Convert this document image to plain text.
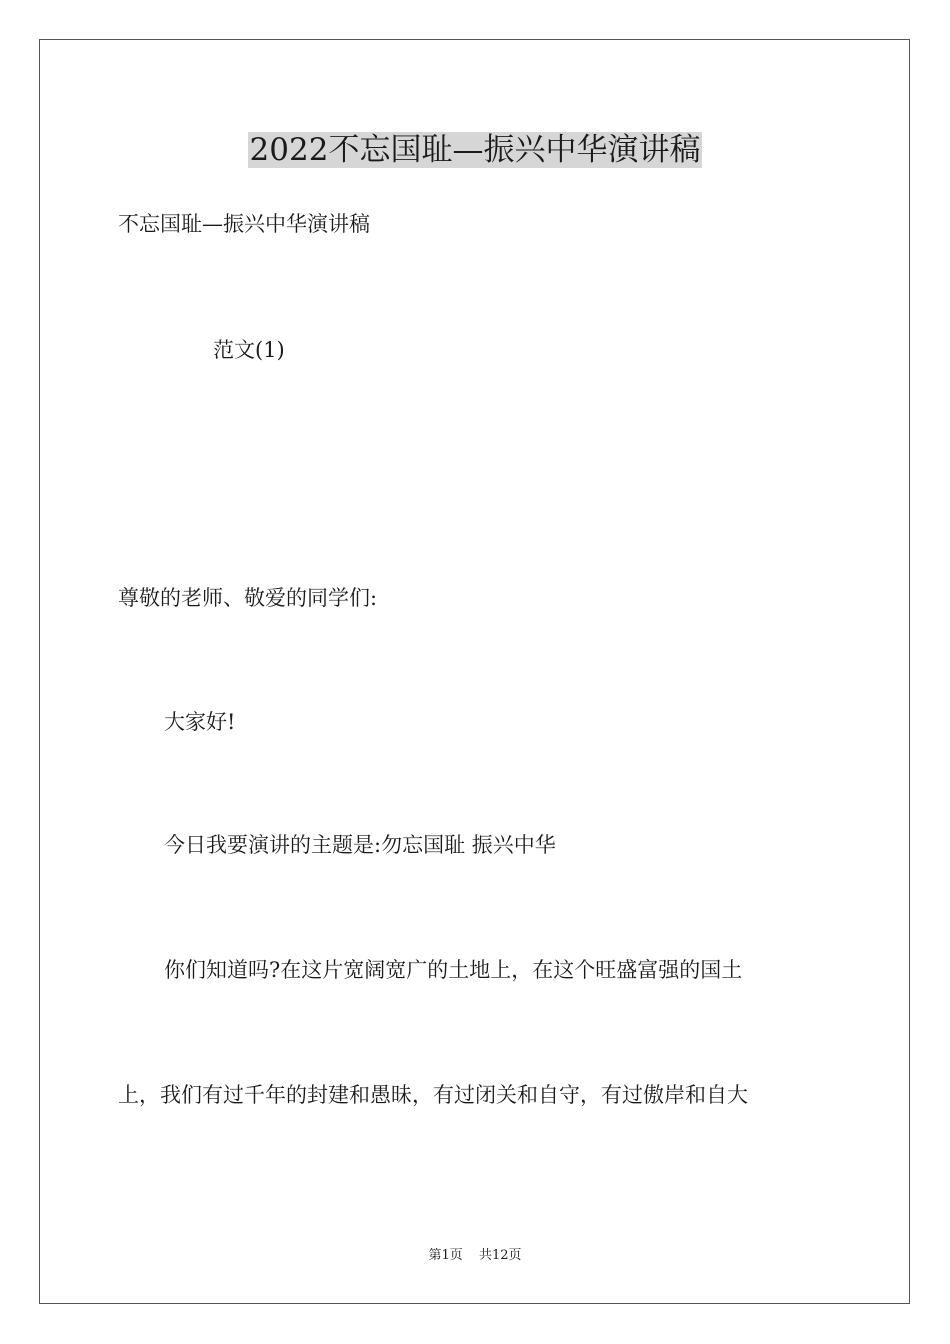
2022不忘国耻—振兴中华演讲稿

不忘国耻—振兴中华演讲稿

范文(1)

尊敬的老师、敬爱的同学们:

大家好!

今日我要演讲的主题是:勿忘国耻 振兴中华

你们知道吗?在这片宽阔宽广的土地上，在这个旺盛富强的国土

上，我们有过千年的封建和愚昧，有过闭关和自守，有过傲岸和自大

第1页 共12页
